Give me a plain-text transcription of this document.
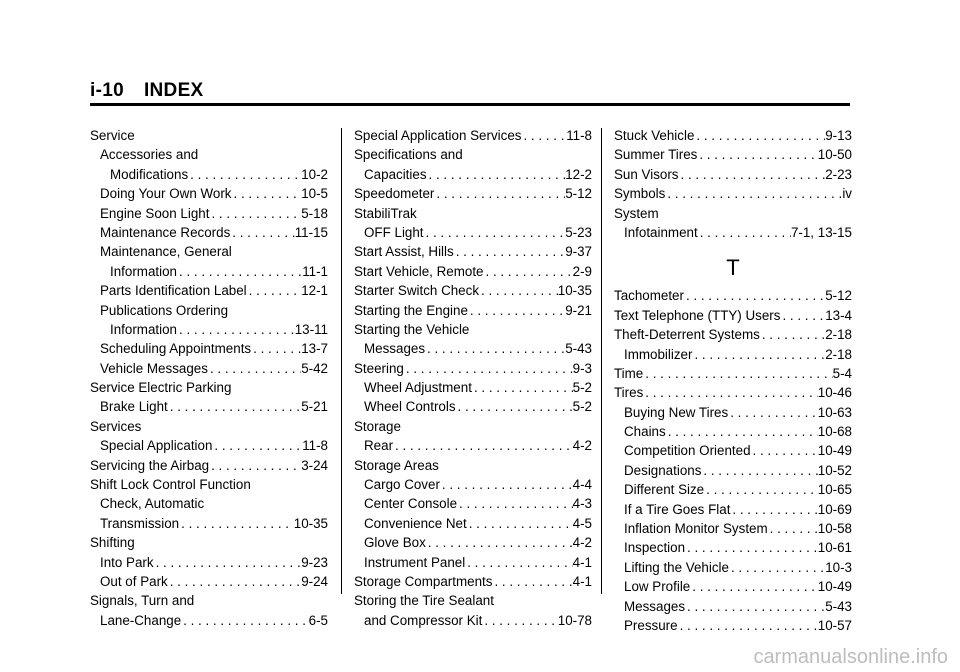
i-10 INDEX
Service
Accessories and
Modifications . . .	10-2
Doing Your Own Work . . .	10-5
Engine Soon Light . . .	5-18
Maintenance Records . . .	11-15
Maintenance, General
Information . . .	11-1
Parts Identification Label . . .	12-1
Publications Ordering
Information . . .	13-11
Scheduling Appointments . . .	13-7
Vehicle Messages . . .	5-42
Service Electric Parking
Brake Light . . .	5-21
Services
Special Application . . .	11-8
Servicing the Airbag . . .	3-24
Shift Lock Control Function
Check, Automatic
Transmission . . .	10-35
Shifting
Into Park . . .	9-23
Out of Park . . .	9-24
Signals, Turn and
Lane-Change . . .	6-5
Special Application Services . . .	11-8
Specifications and
Capacities . . .	12-2
Speedometer . . .	5-12
StabiliTrak
OFF Light . . .	5-23
Start Assist, Hills . . .	9-37
Start Vehicle, Remote . . .	2-9
Starter Switch Check . . .	10-35
Starting the Engine . . .	9-21
Starting the Vehicle
Messages . . .	5-43
Steering . . .	9-3
Wheel Adjustment . . .	5-2
Wheel Controls . . .	5-2
Storage
Rear . . .	4-2
Storage Areas
Cargo Cover . . .	4-4
Center Console . . .	4-3
Convenience Net . . .	4-5
Glove Box . . .	4-2
Instrument Panel . . .	4-1
Storage Compartments . . .	4-1
Storing the Tire Sealant
and Compressor Kit . . .	10-78
Stuck Vehicle . . .	9-13
Summer Tires . . .	10-50
Sun Visors . . .	2-23
Symbols . . .	iv
System
Infotainment . . .	7-1, 13-15
T
Tachometer . . .	5-12
Text Telephone (TTY) Users . . .	13-4
Theft-Deterrent Systems . . .	2-18
Immobilizer . . .	2-18
Time . . .	5-4
Tires . . .	10-46
Buying New Tires . . .	10-63
Chains . . .	10-68
Competition Oriented . . .	10-49
Designations . . .	10-52
Different Size . . .	10-65
If a Tire Goes Flat . . .	10-69
Inflation Monitor System . . .	10-58
Inspection . . .	10-61
Lifting the Vehicle . . .	10-3
Low Profile . . .	10-49
Messages . . .	5-43
Pressure . . .	10-57
carmanualsonline.info
